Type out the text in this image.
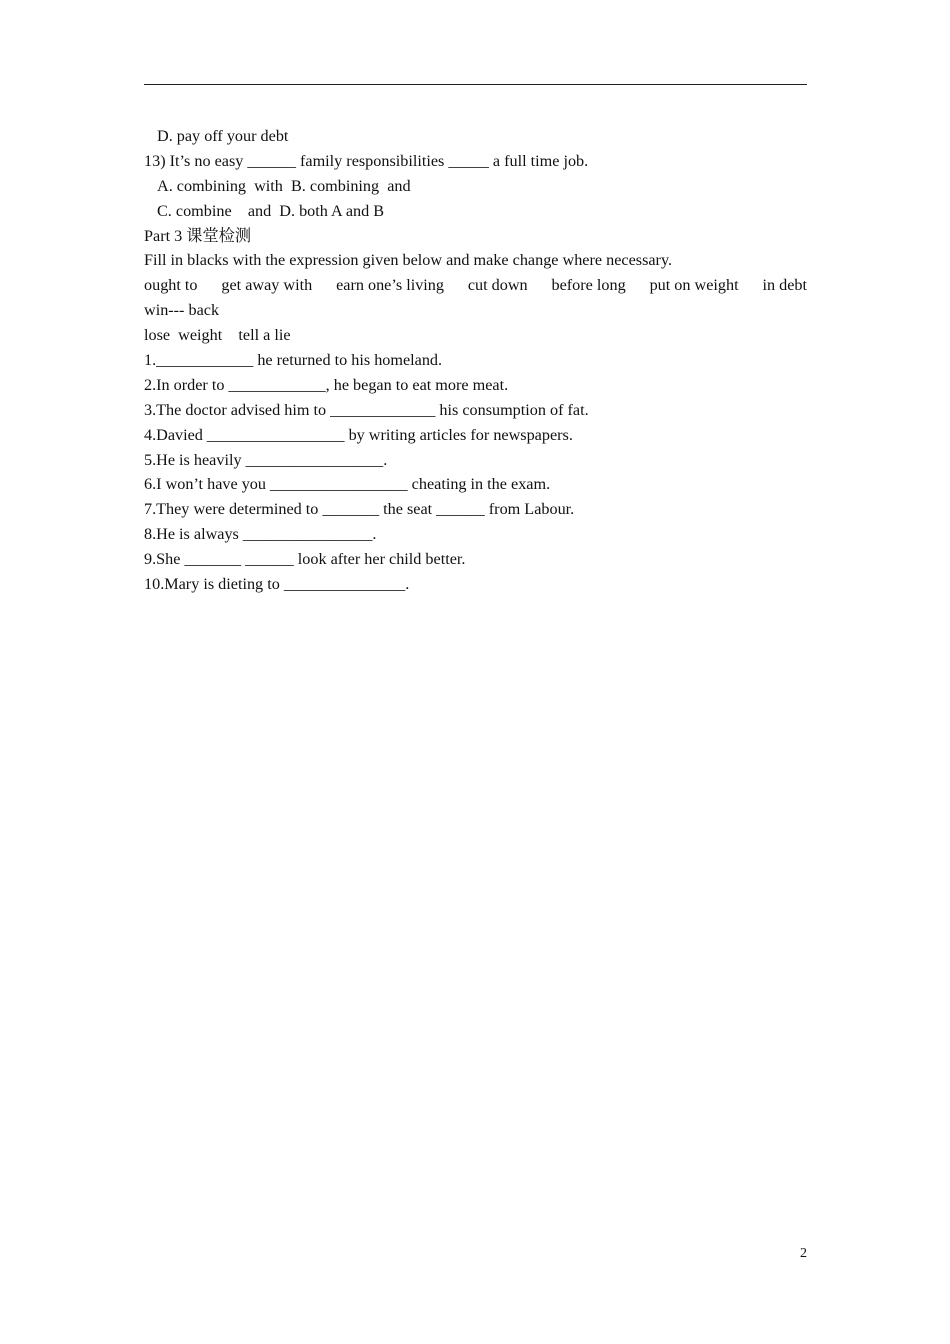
D. pay off your debt
13) It’s no easy ______ family responsibilities _____ a full time job.
A. combining  with  B. combining  and
C. combine    and  D. both A and B
Part 3 课堂检测
Fill in blacks with the expression given below and make change where necessary.
ought to get away with earn one’s living cut down before long put on weight in debt
win--- back
lose  weight    tell a lie
1.____________ he returned to his homeland.
2.In order to ____________, he began to eat more meat.
3.The doctor advised him to _____________ his consumption of fat.
4.Davied _________________ by writing articles for newspapers.
5.He is heavily _________________.
6.I won’t have you _________________ cheating in the exam.
7.They were determined to _______ the seat ______ from Labour.
8.He is always ________________.
9.She _______ ______ look after her child better.
10.Mary is dieting to _______________.
2
